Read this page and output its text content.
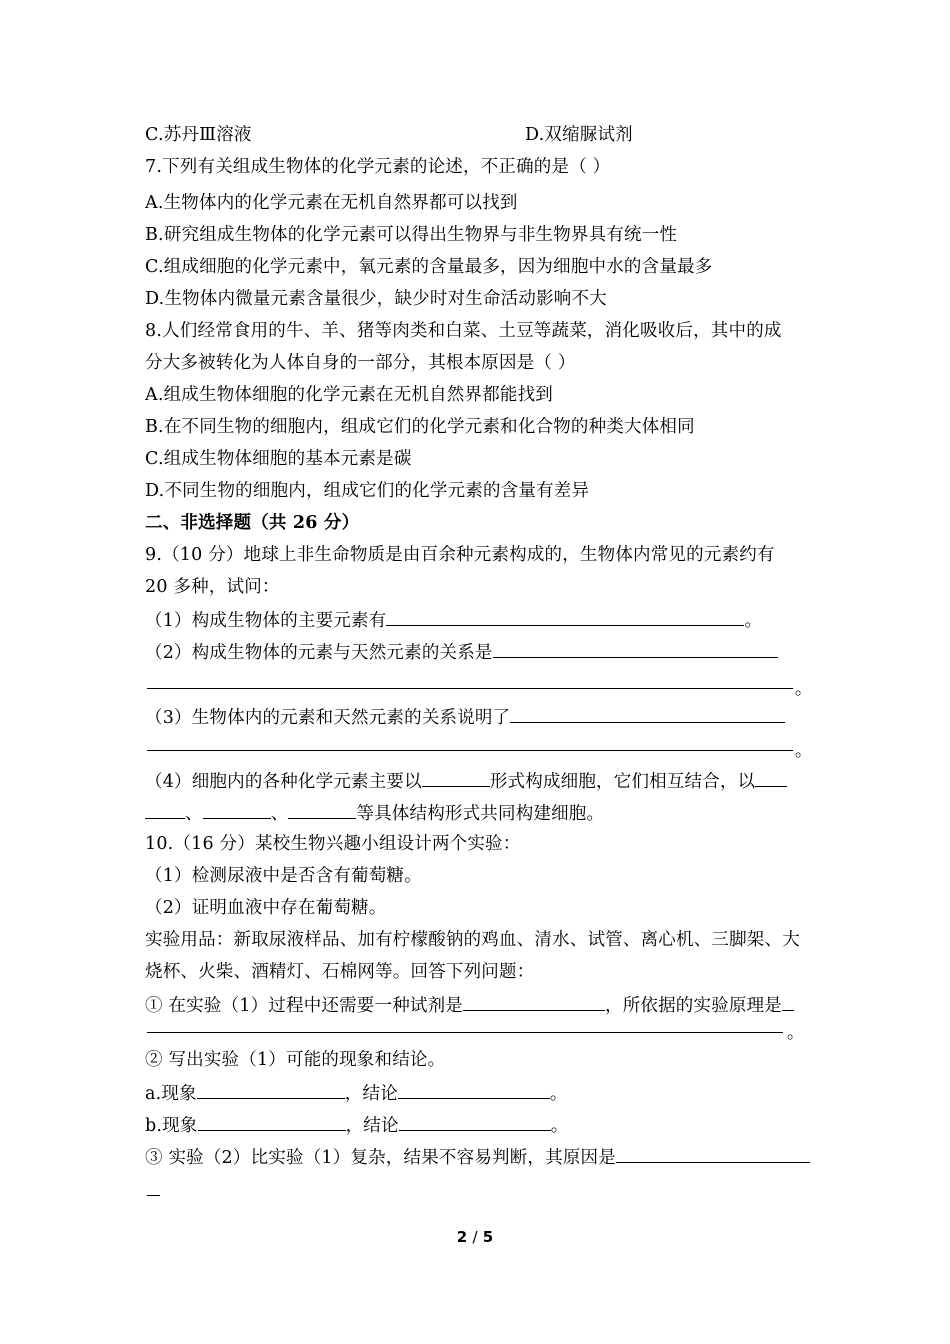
C.苏丹Ⅲ溶液	D.双缩脲试剂
7.下列有关组成生物体的化学元素的论述，不正确的是（ ）
A.生物体内的化学元素在无机自然界都可以找到
B.研究组成生物体的化学元素可以得出生物界与非生物界具有统一性
C.组成细胞的化学元素中，氧元素的含量最多，因为细胞中水的含量最多
D.生物体内微量元素含量很少，缺少时对生命活动影响不大
8.人们经常食用的牛、羊、猪等肉类和白菜、土豆等蔬菜，消化吸收后，其中的成
分大多被转化为人体自身的一部分，其根本原因是（ ）
A.组成生物体细胞的化学元素在无机自然界都能找到
B.在不同生物的细胞内，组成它们的化学元素和化合物的种类大体相同
C.组成生物体细胞的基本元素是碳
D.不同生物的细胞内，组成它们的化学元素的含量有差异
二、非选择题（共 26 分）
9.（10 分）地球上非生命物质是由百余种元素构成的，生物体内常见的元素约有
20 多种，试问：
（1）构成生物体的主要元素有	。
（2）构成生物体的元素与天然元素的关系是
。
（3）生物体内的元素和天然元素的关系说明了
。
（4）细胞内的各种化学元素主要以	形式构成细胞，它们相互结合，以
、	、	等具体结构形式共同构建细胞。
10.（16 分）某校生物兴趣小组设计两个实验：
（1）检测尿液中是否含有葡萄糖。
（2）证明血液中存在葡萄糖。
实验用品：新取尿液样品、加有柠檬酸钠的鸡血、清水、试管、离心机、三脚架、大
烧杯、火柴、酒精灯、石棉网等。回答下列问题：
① 在实验（1）过程中还需要一种试剂是	，所依据的实验原理是
。
② 写出实验（1）可能的现象和结论。
a.现象	，结论	。
b.现象	，结论	。
③ 实验（2）比实验（1）复杂，结果不容易判断，其原因是
2 / 5
